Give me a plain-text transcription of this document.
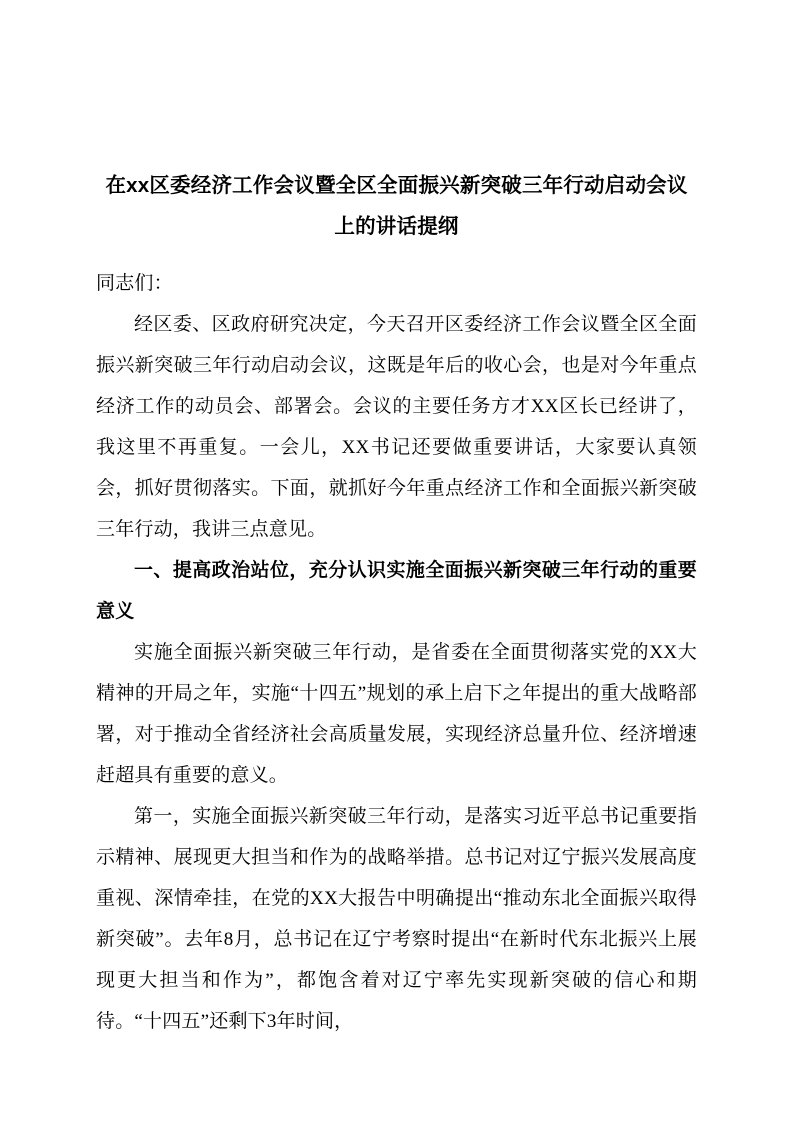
在xx区委经济工作会议暨全区全面振兴新突破三年行动启动会议上的讲话提纲

同志们：

经区委、区政府研究决定，今天召开区委经济工作会议暨全区全面振兴新突破三年行动启动会议，这既是年后的收心会，也是对今年重点经济工作的动员会、部署会。会议的主要任务方才XX区长已经讲了，我这里不再重复。一会儿，XX书记还要做重要讲话，大家要认真领会，抓好贯彻落实。下面，就抓好今年重点经济工作和全面振兴新突破三年行动，我讲三点意见。

一、提高政治站位，充分认识实施全面振兴新突破三年行动的重要意义

实施全面振兴新突破三年行动，是省委在全面贯彻落实党的XX大精神的开局之年，实施“十四五”规划的承上启下之年提出的重大战略部署，对于推动全省经济社会高质量发展，实现经济总量升位、经济增速赶超具有重要的意义。

第一，实施全面振兴新突破三年行动，是落实习近平总书记重要指示精神、展现更大担当和作为的战略举措。总书记对辽宁振兴发展高度重视、深情牵挂，在党的XX大报告中明确提出“推动东北全面振兴取得新突破”。去年8月，总书记在辽宁考察时提出“在新时代东北振兴上展现更大担当和作为”，都饱含着对辽宁率先实现新突破的信心和期待。“十四五”还剩下3年时间，
